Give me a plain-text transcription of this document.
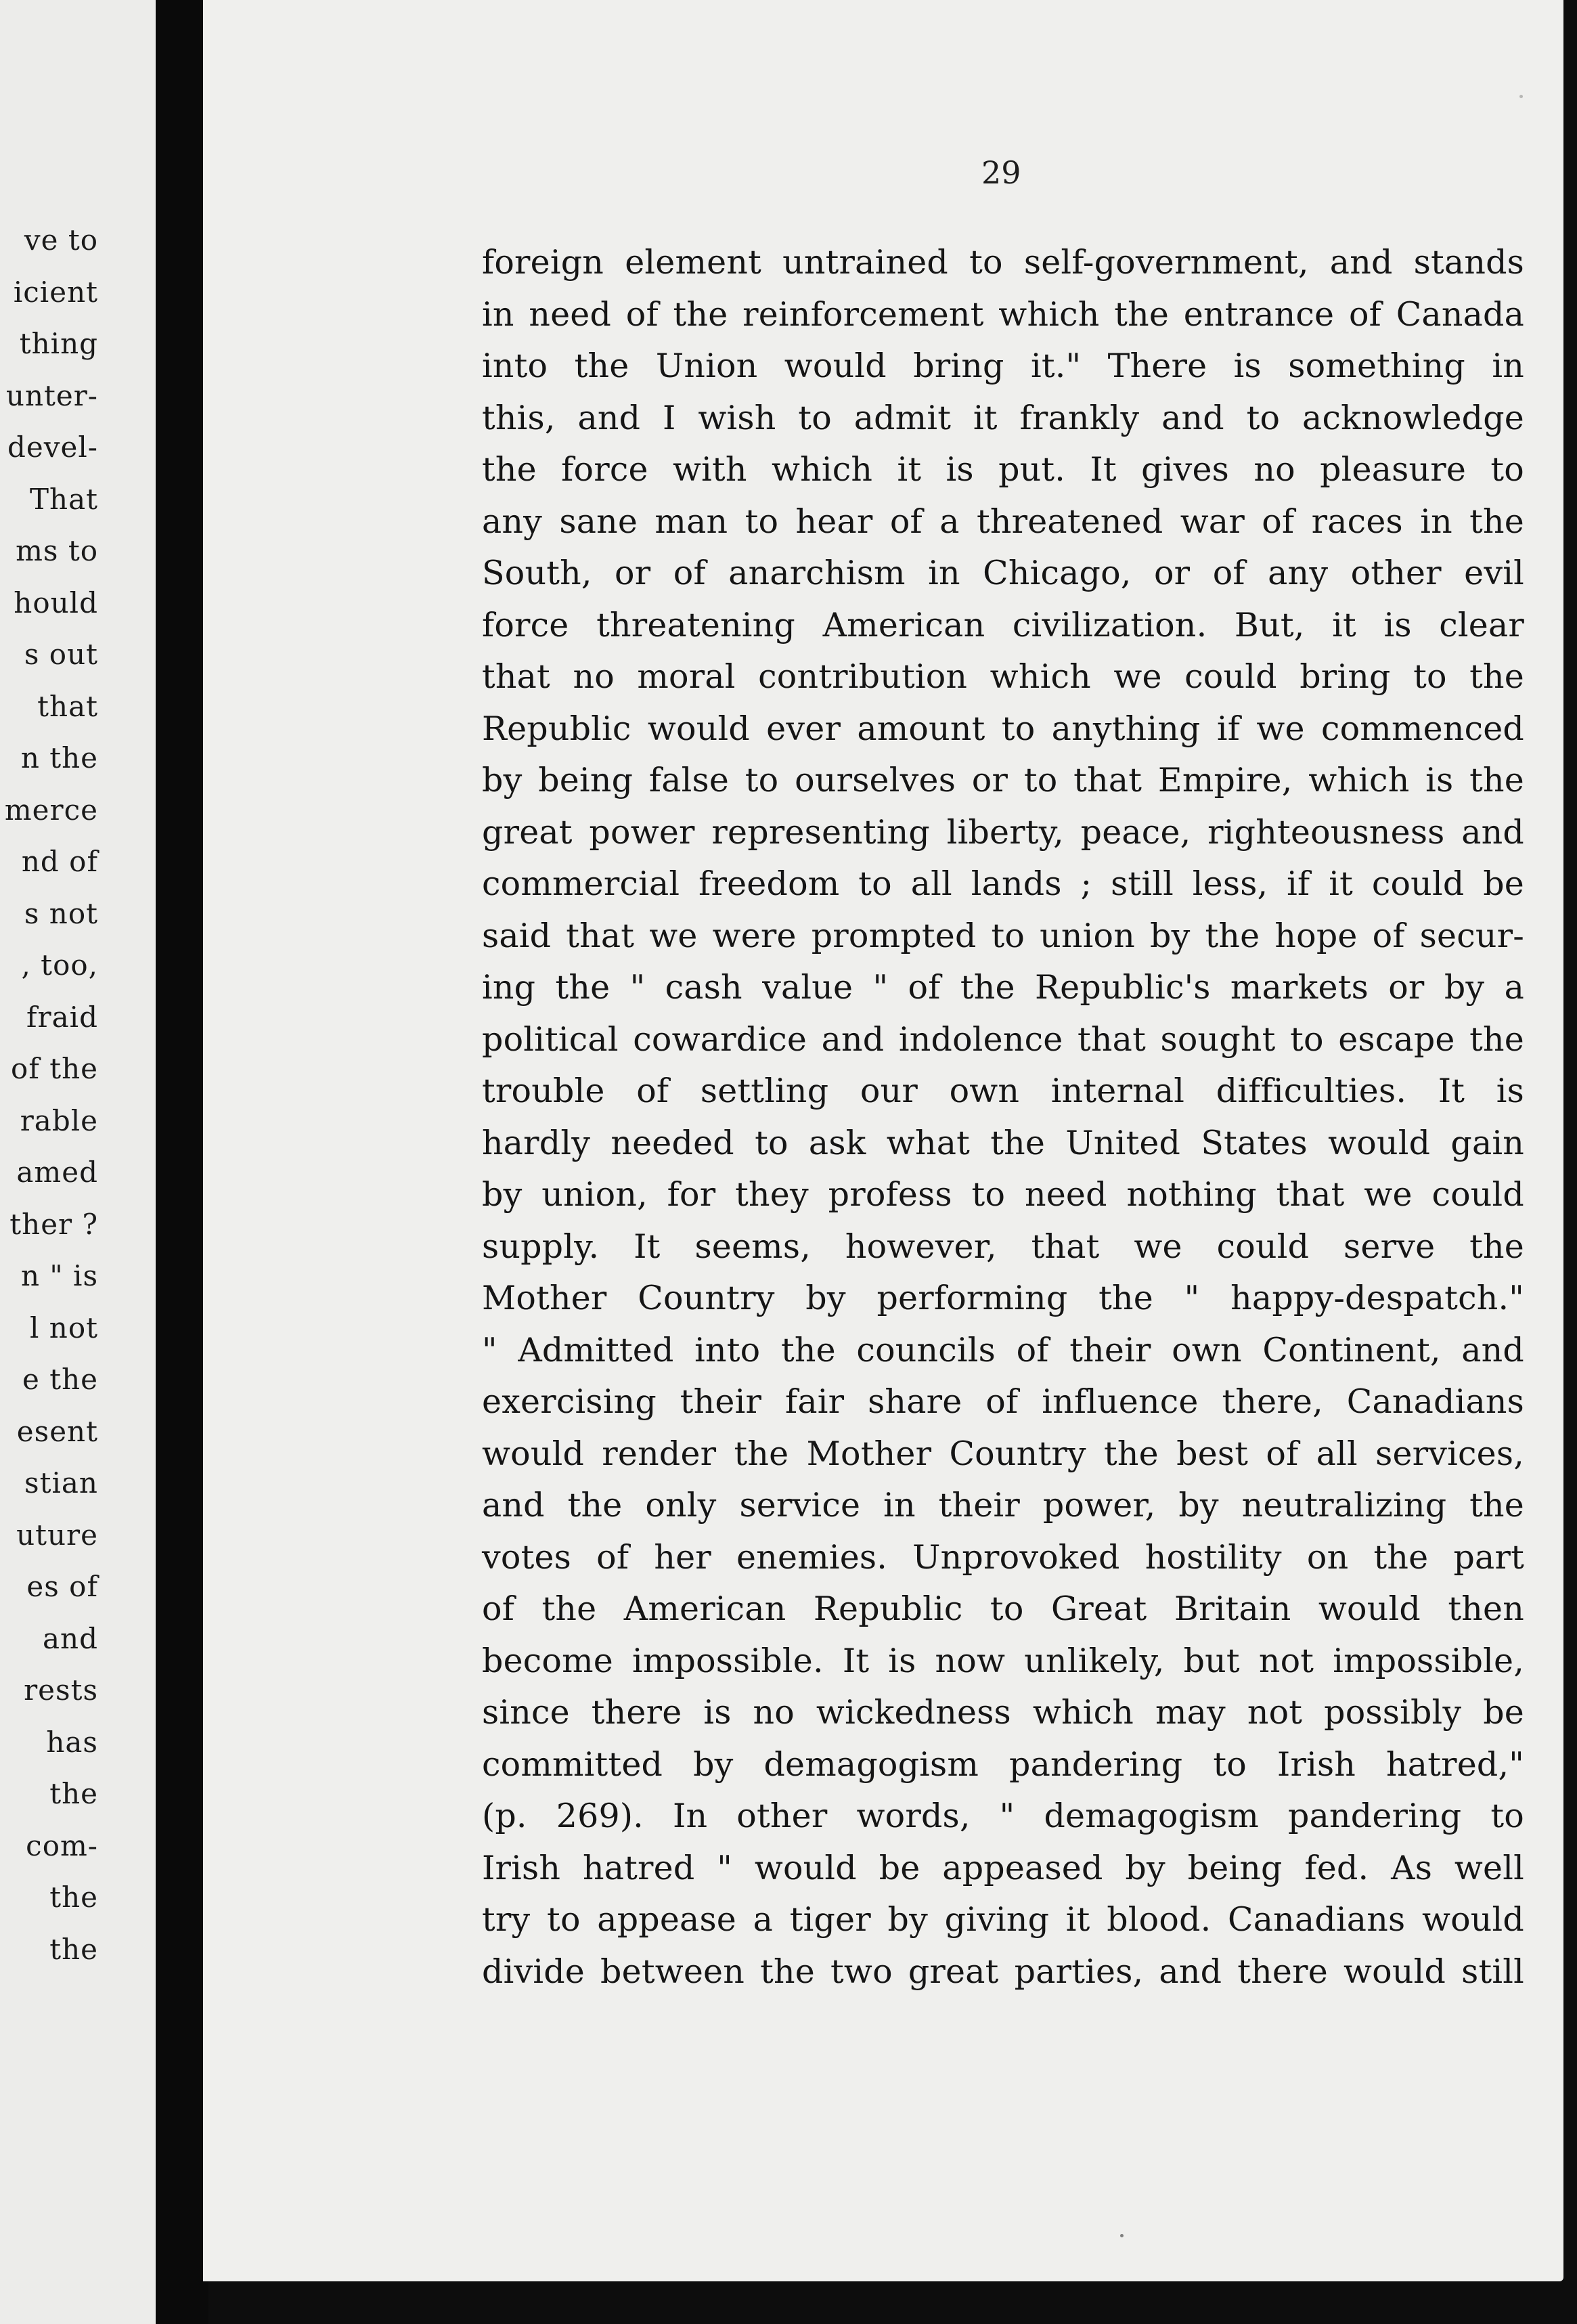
ve to
icient
thing
unter-
devel-
That
ms to
hould
s out
that
n the
merce
nd of
s not
, too,
fraid
of the
rable
amed
ther ?
n " is
l not
e the
esent
stian
uture
es of
and
rests
has
the
com-
the
the
29
foreign element untrained to self-government, and stands
in need of the reinforcement which the entrance of Canada
into the Union would bring it." There is something in
this, and I wish to admit it frankly and to acknowledge
the force with which it is put. It gives no pleasure to
any sane man to hear of a threatened war of races in the
South, or of anarchism in Chicago, or of any other evil
force threatening American civilization. But, it is clear
that no moral contribution which we could bring to the
Republic would ever amount to anything if we commenced
by being false to ourselves or to that Empire, which is the
great power representing liberty, peace, righteousness and
commercial freedom to all lands ; still less, if it could be
said that we were prompted to union by the hope of secur-
ing the " cash value " of the Republic's markets or by a
political cowardice and indolence that sought to escape the
trouble of settling our own internal difficulties. It is
hardly needed to ask what the United States would gain
by union, for they profess to need nothing that we could
supply. It seems, however, that we could serve the
Mother Country by performing the " happy-despatch."
" Admitted into the councils of their own Continent, and
exercising their fair share of influence there, Canadians
would render the Mother Country the best of all services,
and the only service in their power, by neutralizing the
votes of her enemies. Unprovoked hostility on the part
of the American Republic to Great Britain would then
become impossible. It is now unlikely, but not impossible,
since there is no wickedness which may not possibly be
committed by demagogism pandering to Irish hatred,"
(p. 269). In other words, " demagogism pandering to
Irish hatred " would be appeased by being fed. As well
try to appease a tiger by giving it blood. Canadians would
divide between the two great parties, and there would still
